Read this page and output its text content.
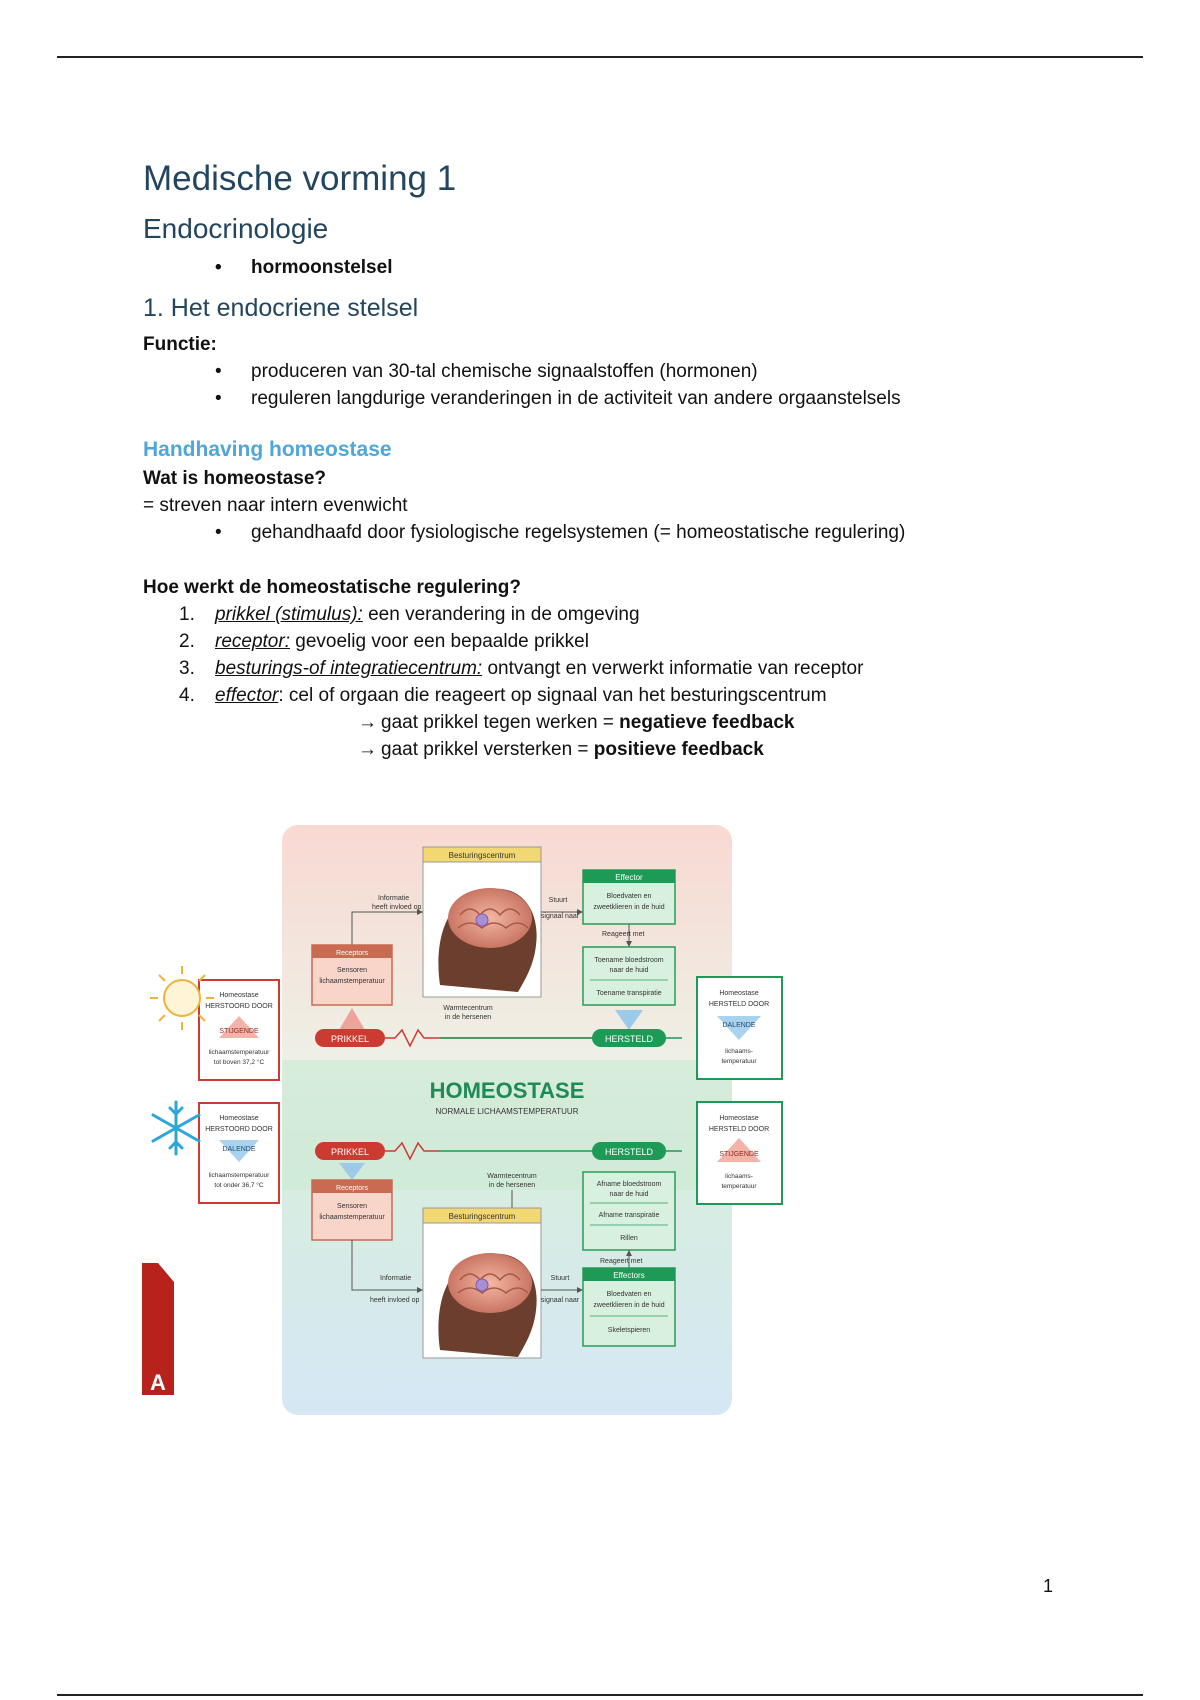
Medische vorming 1
Endocrinologie
• hormoonstelsel
1. Het endocriene stelsel

Functie:

• produceren van 30-tal chemische signaalstoffen (hormonen)
• reguleren langdurige veranderingen in de activiteit van andere orgaanstelsels
Handhaving homeostase

Wat is homeostase?

= streven naar intern evenwicht

• gehandhaafd door fysiologische regelsystemen (= homeostatische regulering)

Hoe werkt de homeostatische regulering?

1. prikkel (stimulus): een verandering in de omgeving
2. receptor: gevoelig voor een bepaalde prikkel
3. besturings-of integratiecentrum: ontvangt en verwerkt informatie van receptor
4. effector: cel of orgaan die reageert op signaal van het besturingscentrum
→ gaat prikkel tegen werken = negatieve feedback
→ gaat prikkel versterken = positieve feedback
Besturingscentrum
Warmtecentrum
in de hersenen
Informatie
heeft invloed op
Stuurt
signaal naar
Effector
Bloedvaten en
zweetklieren in de huid
Reageert met
Toename bloedstroom
naar de huid
Toename transpiratie
Receptors
Sensoren
lichaamstemperatuur
PRIKKEL	HERSTELD
Homeostase
HERSTOORD DOOR
STIJGENDE
lichaamstemperatuur
tot boven 37,2 °C
Homeostase
HERSTELD DOOR
DALENDE
lichaams-
temperatuur
HOMEOSTASE
NORMALE LICHAAMSTEMPERATUUR
PRIKKEL	HERSTELD
Homeostase
HERSTOORD DOOR
DALENDE
lichaamstemperatuur
tot onder 36,7 °C
Homeostase
HERSTELD DOOR
STIJGENDE
lichaams-
temperatuur
Receptors
Sensoren
lichaamstemperatuur
Warmtecentrum
in de hersenen
Besturingscentrum
Informatie
heeft invloed op
Stuurt
signaal naar
Afname bloedstroom
naar de huid
Afname transpiratie
Rillen
Reageert met
Effectors
Bloedvaten en
zweetklieren in de huid
Skeletspieren
A
1
